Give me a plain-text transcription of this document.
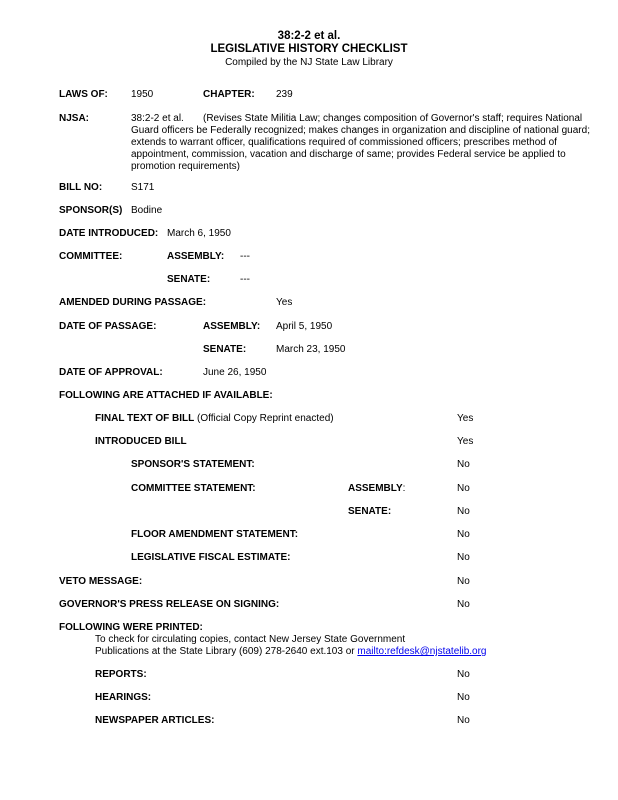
38:2-2 et al.
LEGISLATIVE HISTORY CHECKLIST
Compiled by the NJ State Law Library
LAWS OF: 1950	CHAPTER: 239
NJSA:	38:2-2 et al.	(Revises State Militia Law; changes composition of Governor's staff; requires National Guard officers be Federally recognized; makes changes in organization and discipline of national guard; extends to warrant officer, qualifications required of commissioned officers; prescribes method of appointment, commission, vacation and discharge of same; provides Federal service be applied to promotion requirements)
BILL NO:	S171
SPONSOR(S) Bodine
DATE INTRODUCED: March 6, 1950
COMMITTEE:	ASSEMBLY: ---
SENATE:	---
AMENDED DURING PASSAGE:	Yes
DATE OF PASSAGE:	ASSEMBLY: April 5, 1950
SENATE:	March 23, 1950
DATE OF APPROVAL:	June 26, 1950
FOLLOWING ARE ATTACHED IF AVAILABLE:
FINAL TEXT OF BILL (Official Copy Reprint enacted)	Yes
INTRODUCED BILL	Yes
SPONSOR'S STATEMENT:	No
COMMITTEE STATEMENT:	ASSEMBLY:	No
SENATE:	No
FLOOR AMENDMENT STATEMENT:	No
LEGISLATIVE FISCAL ESTIMATE:	No
VETO MESSAGE:	No
GOVERNOR'S PRESS RELEASE ON SIGNING:	No
FOLLOWING WERE PRINTED:
To check for circulating copies, contact New Jersey State Government
Publications at the State Library (609) 278-2640 ext.103 or mailto:refdesk@njstatelib.org
REPORTS:	No
HEARINGS:	No
NEWSPAPER ARTICLES:	No
